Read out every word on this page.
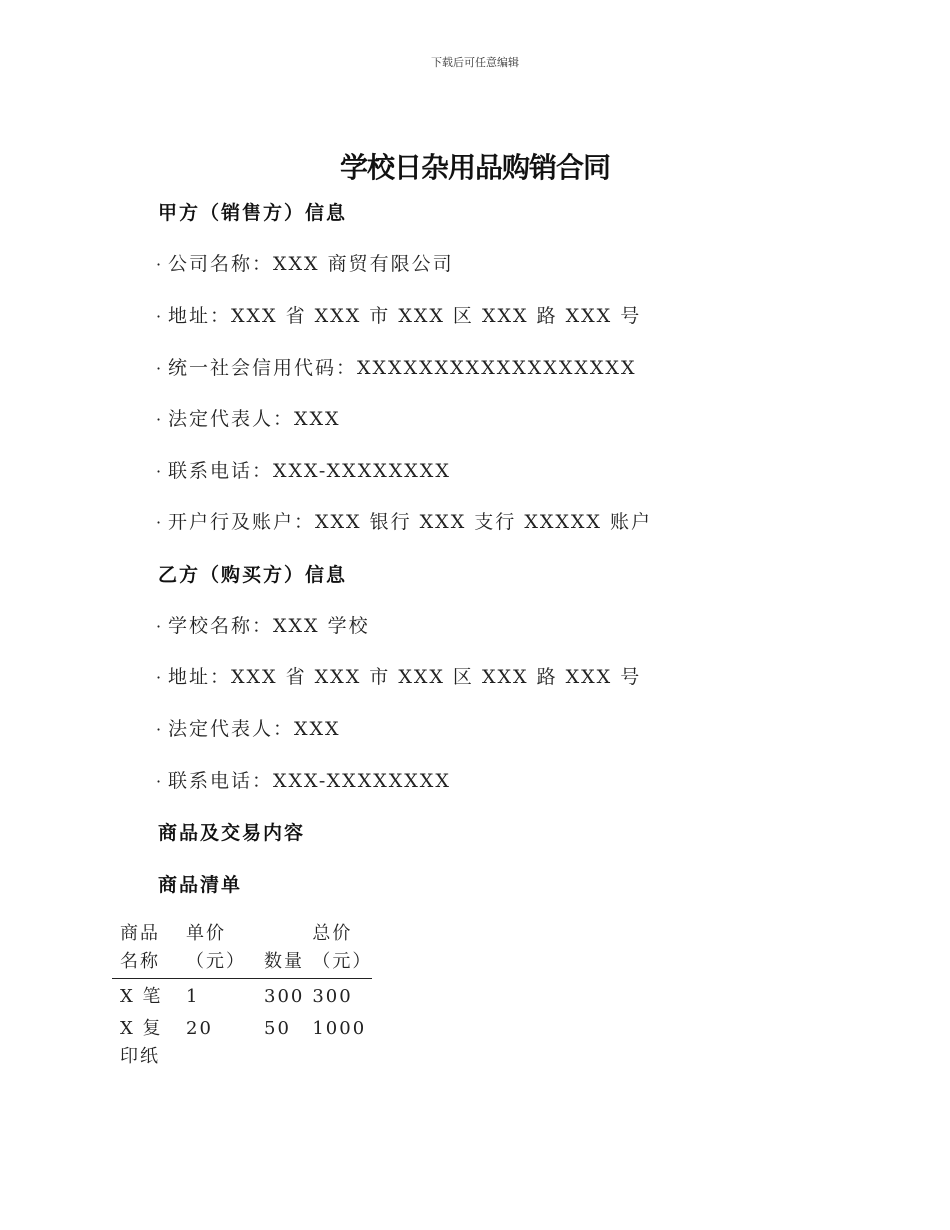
下载后可任意编辑
学校日杂用品购销合同
甲方（销售方）信息
· 公司名称：XXX 商贸有限公司
· 地址：XXX 省 XXX 市 XXX 区 XXX 路 XXX 号
· 统一社会信用代码：XXXXXXXXXXXXXXXXXX
· 法定代表人：XXX
· 联系电话：XXX-XXXXXXXX
· 开户行及账户：XXX 银行 XXX 支行 XXXXX 账户
乙方（购买方）信息
· 学校名称：XXX 学校
· 地址：XXX 省 XXX 市 XXX 区 XXX 路 XXX 号
· 法定代表人：XXX
· 联系电话：XXX-XXXXXXXX
商品及交易内容
商品清单
商品名称	单价（元）	数量	总价（元）
X 笔	1	300	300
X 复印纸	20	50	1000
